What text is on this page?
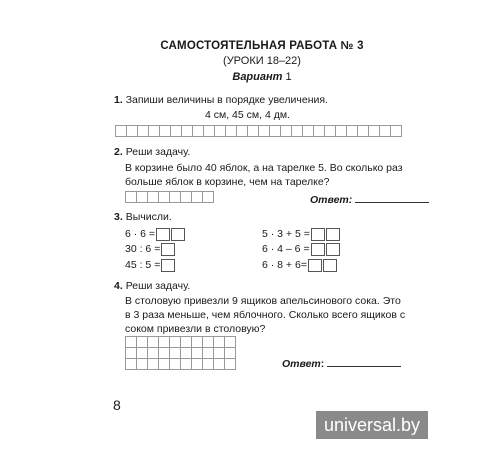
САМОСТОЯТЕЛЬНАЯ РАБОТА № 3
(УРОКИ 18–22)
Вариант 1
1. Запиши величины в порядке увеличения.
4 см, 45 см, 4 дм.

2. Реши задачу.
В корзине было 40 яблок, а на тарелке 5. Во сколько раз
больше яблок в корзине, чем на тарелке?

Ответ:
3. Вычисли.
6 · 6 =
30 : 6 =
45 : 5 =
5 · 3 + 5 =
6 · 4 – 6 =
6 · 8 + 6=
4. Реши задачу.
В столовую привезли 9 ящиков апельсинового сока. Это
в 3 раза меньше, чем яблочного. Сколько всего ящиков с
соком привезли в столовую?

Ответ:
8
universal.by
